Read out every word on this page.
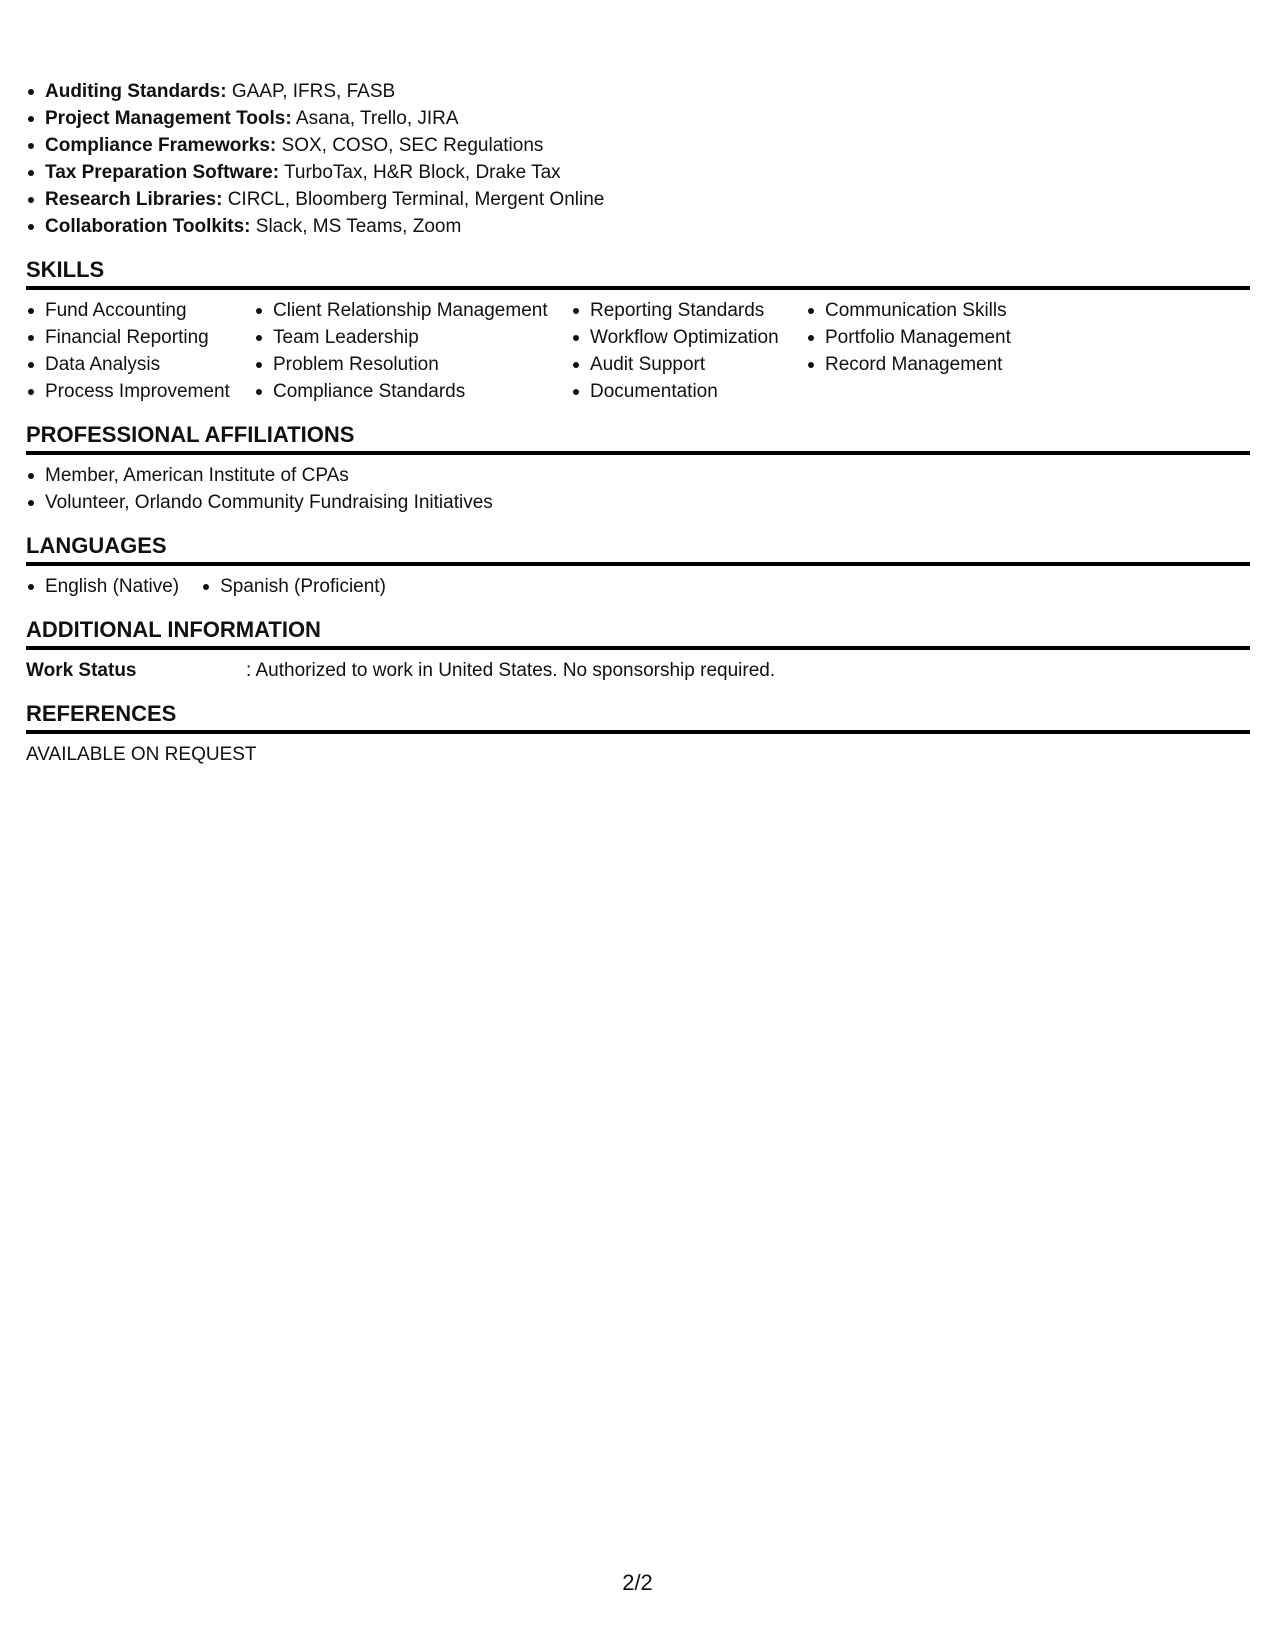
Auditing Standards: GAAP, IFRS, FASB
Project Management Tools: Asana, Trello, JIRA
Compliance Frameworks: SOX, COSO, SEC Regulations
Tax Preparation Software: TurboTax, H&R Block, Drake Tax
Research Libraries: CIRCL, Bloomberg Terminal, Mergent Online
Collaboration Toolkits: Slack, MS Teams, Zoom
SKILLS
Fund Accounting
Financial Reporting
Data Analysis
Process Improvement
Client Relationship Management
Team Leadership
Problem Resolution
Compliance Standards
Reporting Standards
Workflow Optimization
Audit Support
Documentation
Communication Skills
Portfolio Management
Record Management
PROFESSIONAL AFFILIATIONS
Member, American Institute of CPAs
Volunteer, Orlando Community Fundraising Initiatives
LANGUAGES
English (Native)	Spanish (Proficient)
ADDITIONAL INFORMATION
Work Status	: Authorized to work in United States. No sponsorship required.
REFERENCES
AVAILABLE ON REQUEST
2/2
